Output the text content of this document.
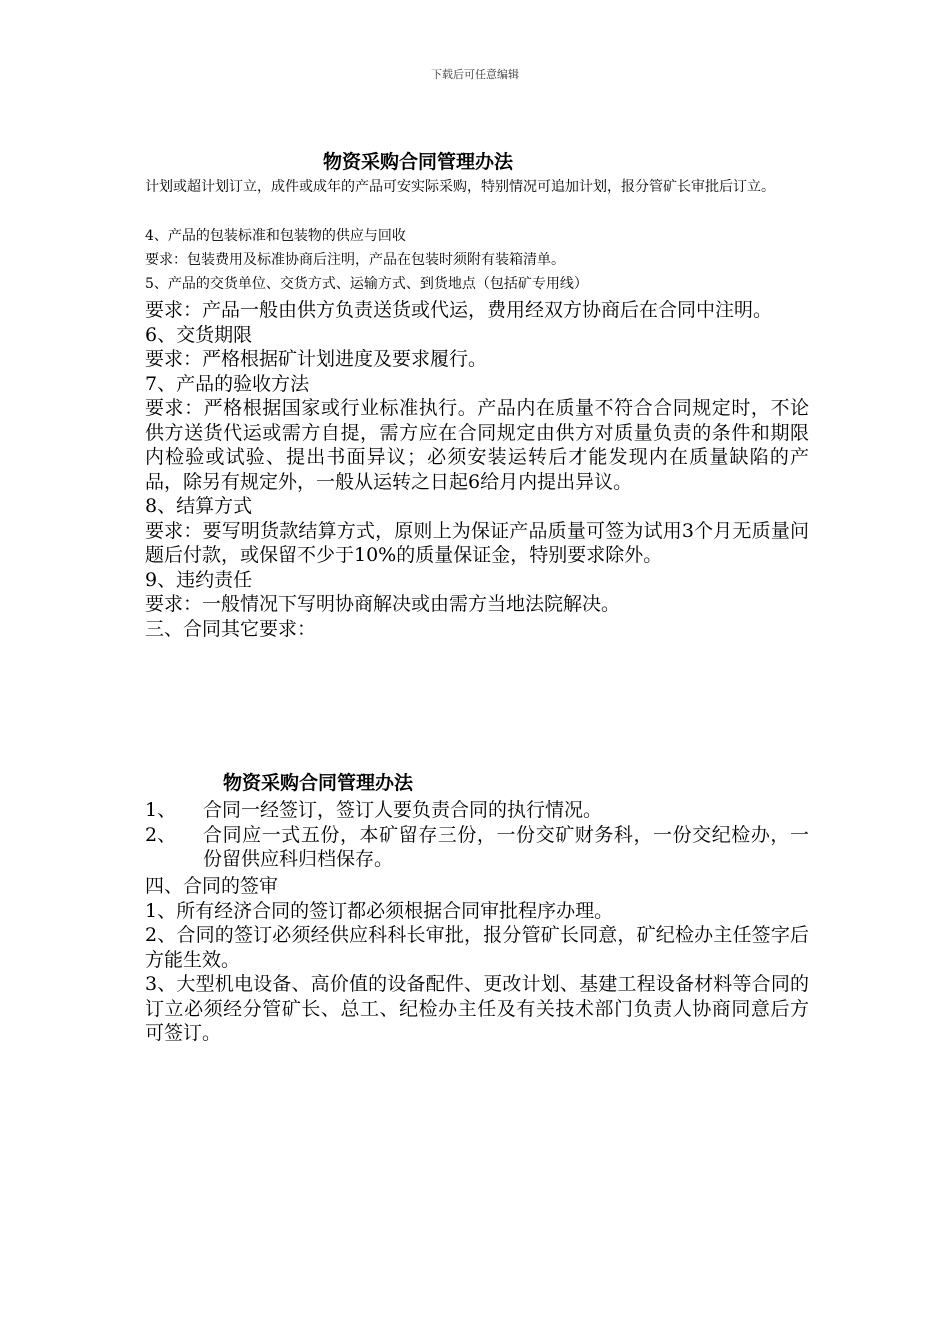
下载后可任意编辑
物资采购合同管理办法

计划或超计划订立，成件或成年的产品可安实际采购，特别情况可追加计划，报分管矿长审批后订立。

4、产品的包装标准和包装物的供应与回收

要求：包装费用及标准协商后注明，产品在包装时须附有装箱清单。

5、产品的交货单位、交货方式、运输方式、到货地点（包括矿专用线）

要求：产品一般由供方负责送货或代运，费用经双方协商后在合同中注明。

6、交货期限

要求：严格根据矿计划进度及要求履行。

7、产品的验收方法

要求：严格根据国家或行业标准执行。产品内在质量不符合合同规定时，不论供方送货代运或需方自提，需方应在合同规定由供方对质量负责的条件和期限内检验或试验、提出书面异议；必须安装运转后才能发现内在质量缺陷的产品，除另有规定外，一般从运转之日起6给月内提出异议。

8、结算方式

要求：要写明货款结算方式，原则上为保证产品质量可签为试用3个月无质量问题后付款，或保留不少于10%的质量保证金，特别要求除外。

9、违约责任

要求：一般情况下写明协商解决或由需方当地法院解决。

三、合同其它要求：

物资采购合同管理办法
1、	合同一经签订，签订人要负责合同的执行情况。
2、	合同应一式五份，本矿留存三份，一份交矿财务科，一份交纪检办，一份留供应科归档保存。

四、合同的签审

1、所有经济合同的签订都必须根据合同审批程序办理。

2、合同的签订必须经供应科科长审批，报分管矿长同意，矿纪检办主任签字后方能生效。

3、大型机电设备、高价值的设备配件、更改计划、基建工程设备材料等合同的订立必须经分管矿长、总工、纪检办主任及有关技术部门负责人协商同意后方可签订。
